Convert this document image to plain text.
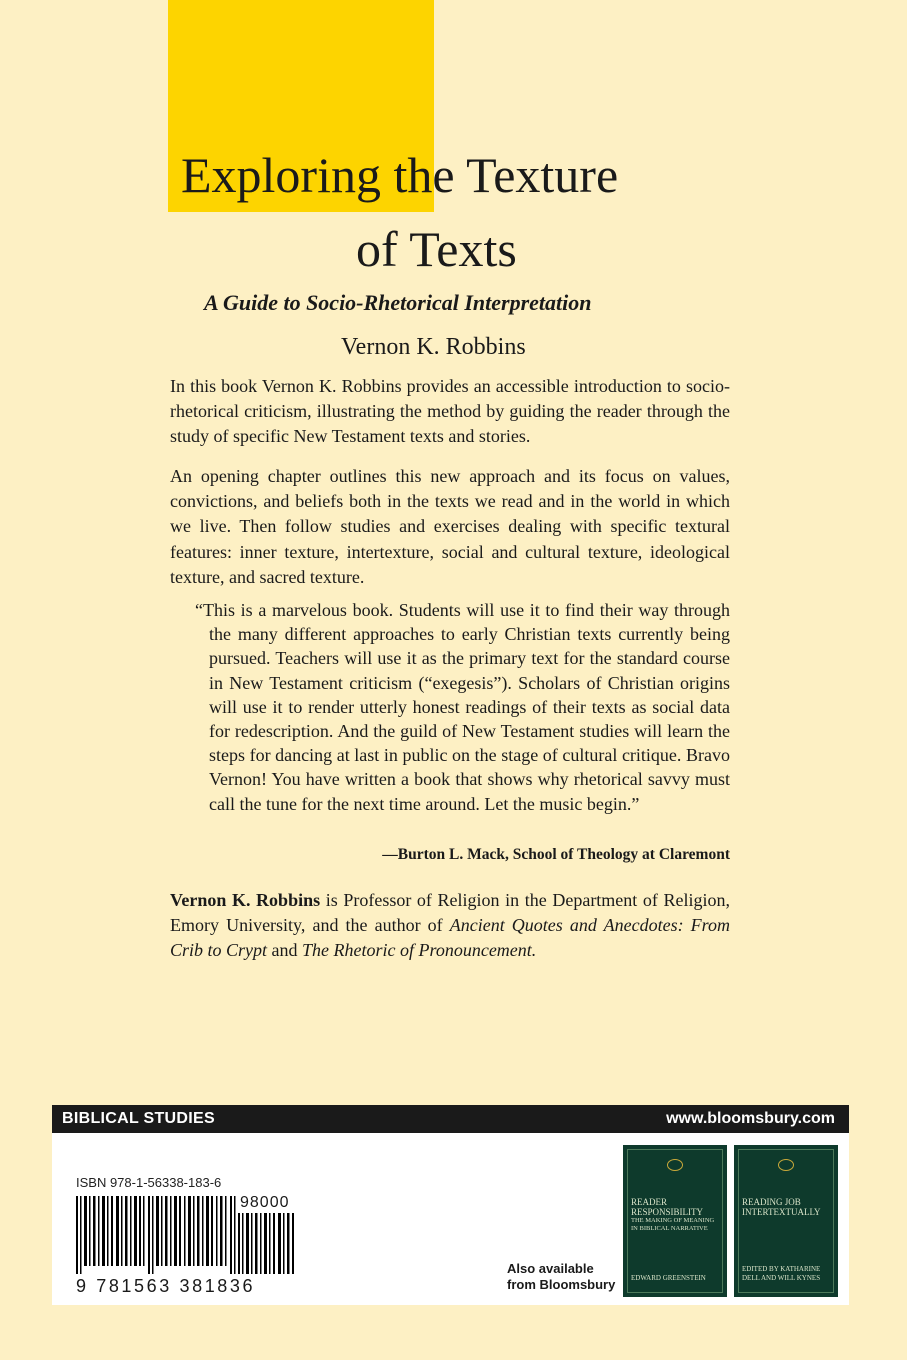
Exploring the Texture
of Texts
A Guide to Socio-Rhetorical Interpretation
Vernon K. Robbins

In this book Vernon K. Robbins provides an accessible introduction to socio-rhetorical criticism, illustrating the method by guiding the reader through the study of specific New Testament texts and stories.

An opening chapter outlines this new approach and its focus on values, convictions, and beliefs both in the texts we read and in the world in which we live. Then follow studies and exercises dealing with specific textural features: inner texture, intertexture, social and cultural texture, ideological texture, and sacred texture.

“This is a marvelous book. Students will use it to find their way through the many different approaches to early Christian texts currently being pursued. Teachers will use it as the primary text for the standard course in New Testament criticism (“exegesis”). Scholars of Christian origins will use it to render utterly honest readings of their texts as social data for redescription. And the guild of New Testament studies will learn the steps for dancing at last in public on the stage of cultural critique. Bravo Vernon! You have written a book that shows why rhetorical savvy must call the tune for the next time around. Let the music begin.”

—Burton L. Mack, School of Theology at Claremont

Vernon K. Robbins is Professor of Religion in the Department of Religion, Emory University, and the author of Ancient Quotes and Anecdotes: From Crib to Crypt and The Rhetoric of Pronouncement.

BIBLICAL STUDIES	www.bloomsbury.com
ISBN 978-1-56338-183-6
98000
9 781563 381836
Also available
from Bloomsbury
READER RESPONSIBILITY
THE MAKING OF MEANING IN BIBLICAL NARRATIVE
EDWARD GREENSTEIN
READING JOB INTERTEXTUALLY
EDITED BY KATHARINE DELL AND WILL KYNES
